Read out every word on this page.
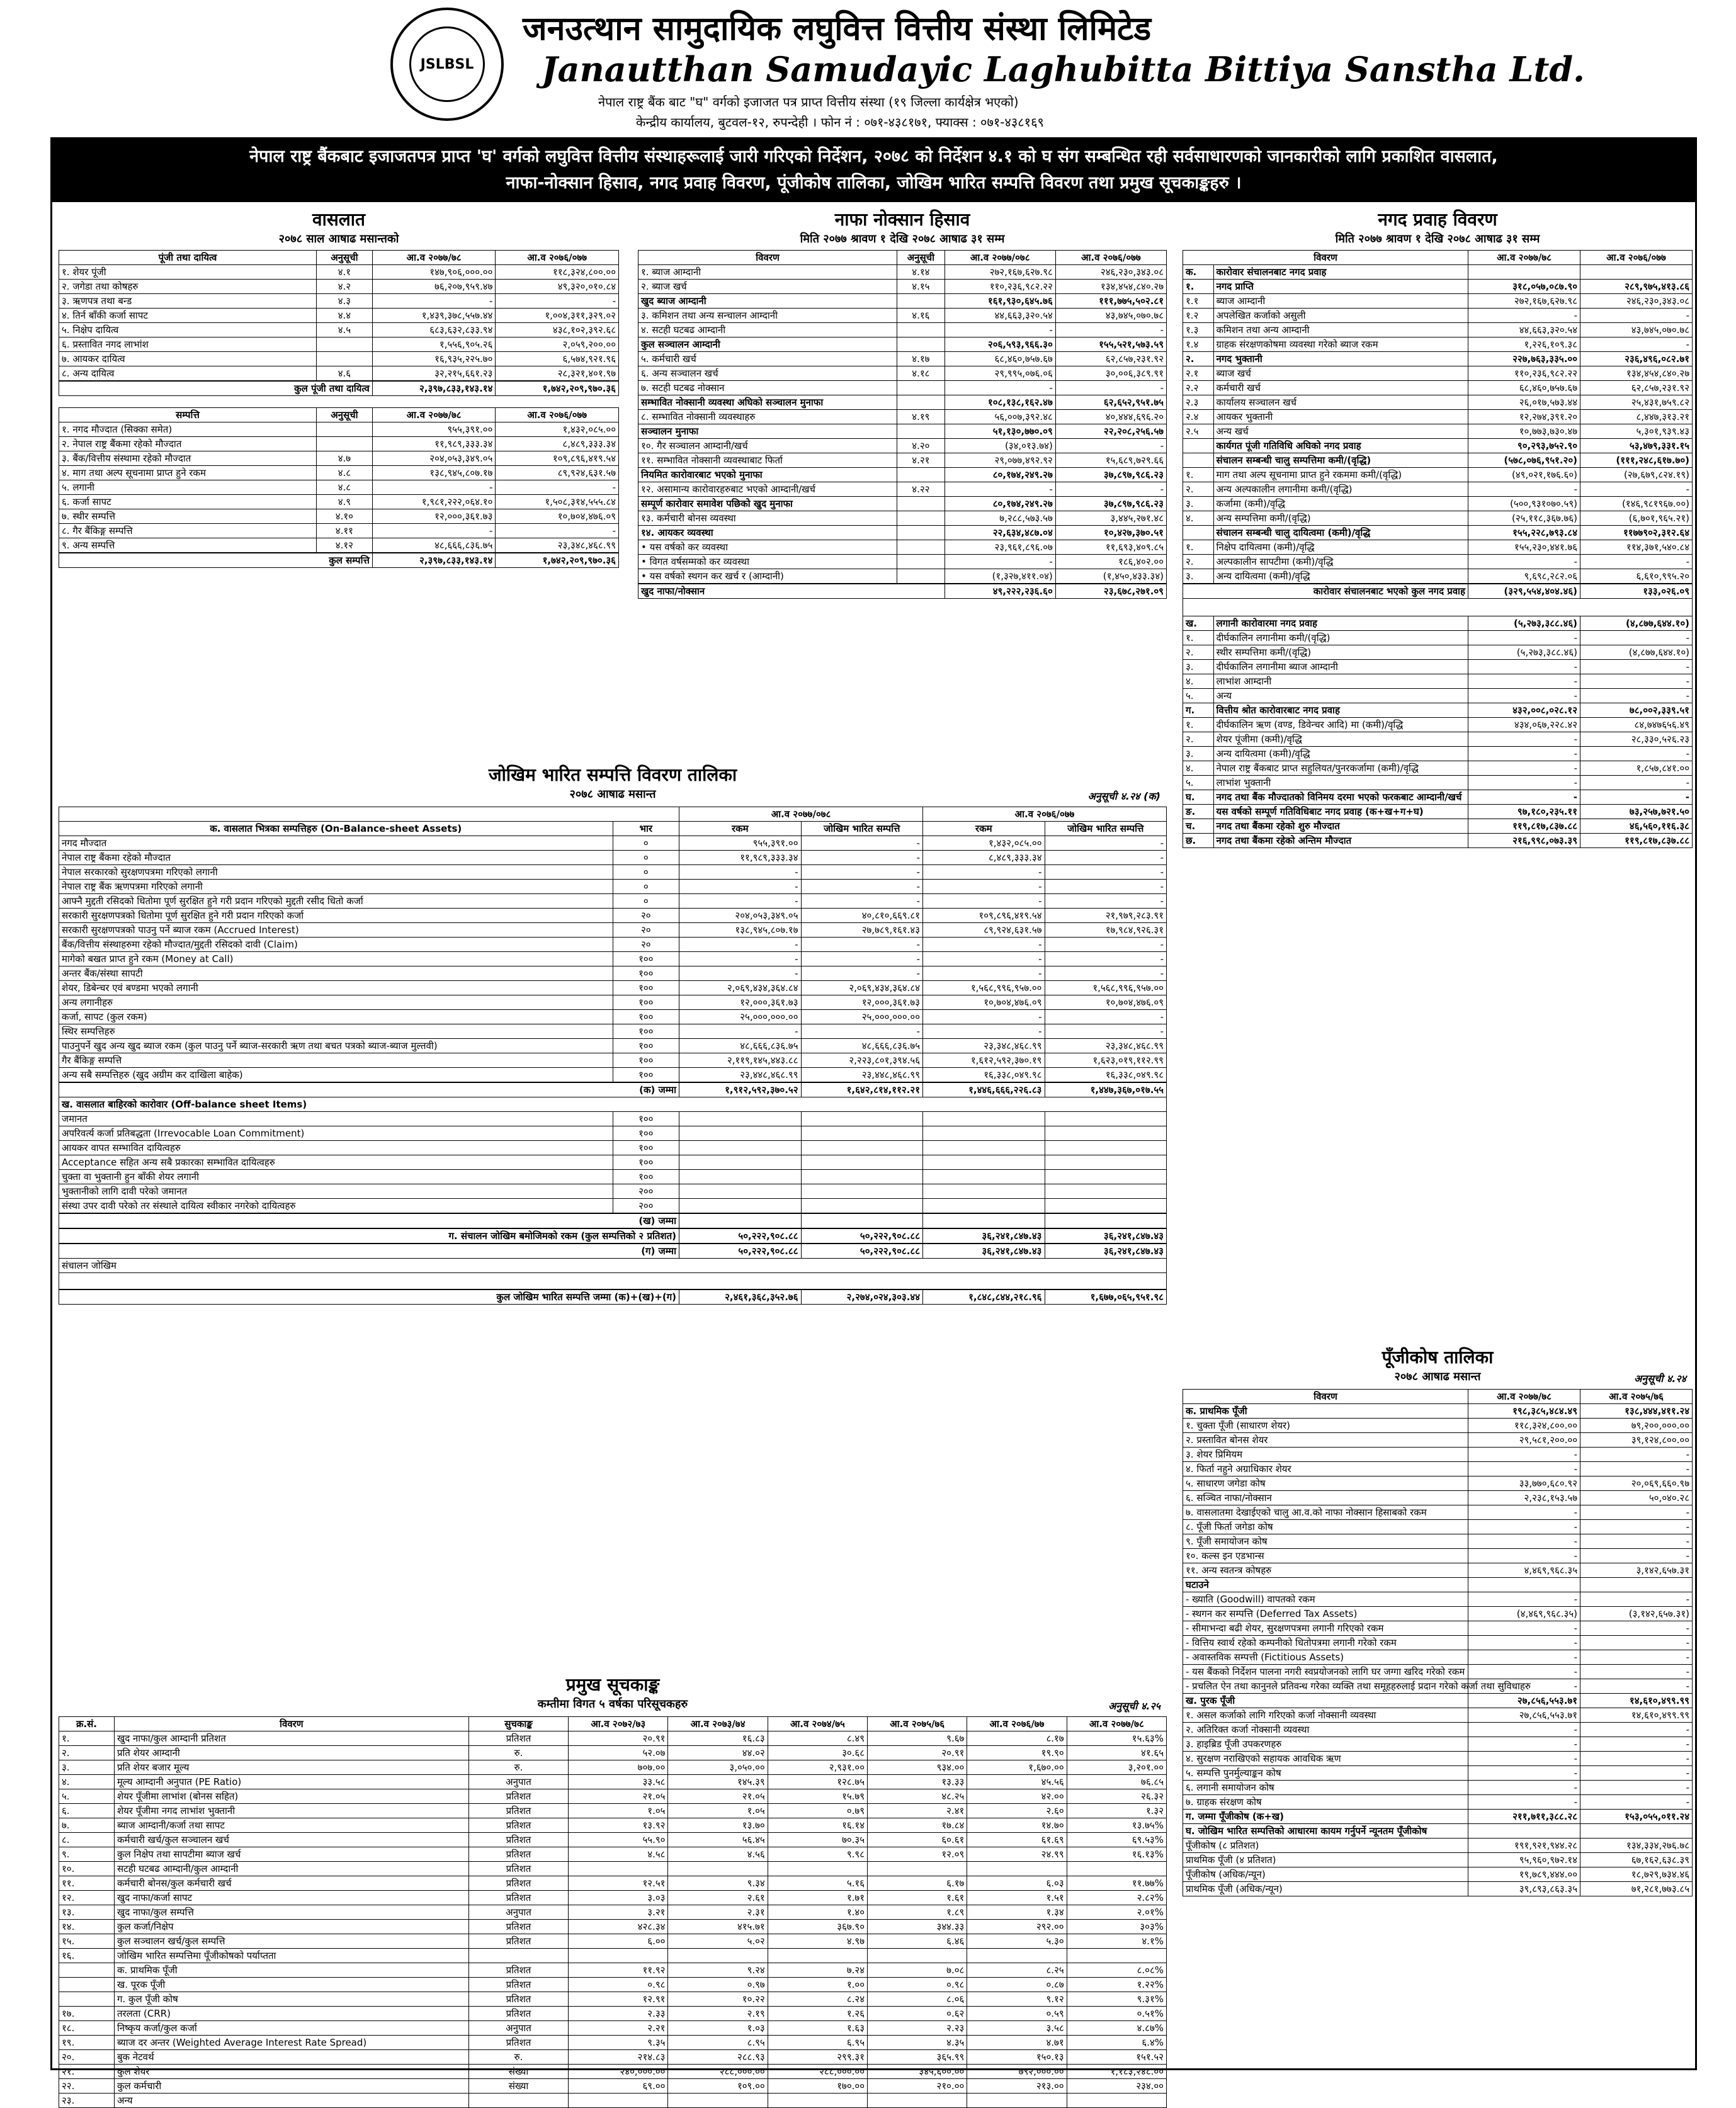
JSLBSL
जनउत्थान सामुदायिक लघुवित्त वित्तीय संस्था लिमिटेड
Janautthan Samudayic Laghubitta Bittiya Sanstha Ltd.
नेपाल राष्ट्र बैंक बाट "घ" वर्गको इजाजत पत्र प्राप्त वित्तीय संस्था (१९ जिल्ला कार्यक्षेत्र भएको)
केन्द्रीय कार्यालय, बुटवल-१२, रुपन्देही । फोन नं : ०७१-४३८१७१, फ्याक्स : ०७१-४३८१६९
नेपाल राष्ट्र बैंकबाट इजाजतपत्र प्राप्त 'घ' वर्गको लघुवित्त वित्तीय संस्थाहरूलाई जारी गरिएको निर्देशन, २०७८ को निर्देशन ४.१ को घ संग सम्बन्धित रही सर्वसाधारणको जानकारीको लागि प्रकाशित वासलात,
नाफा-नोक्सान हिसाव, नगद प्रवाह विवरण, पूंजीकोष तालिका, जोखिम भारित सम्पत्ति विवरण तथा प्रमुख सूचकाङ्कहरु ।
वासलात
२०७८ साल आषाढ मसान्तको
पूंजी तथा दायित्व	अनुसूची	आ.व २०७७/७८	आ.व २०७६/०७७
१. शेयर पूंजी	४.१	१४७,९०६,०००.००	११८,३२४,८००.००
२. जगेडा तथा कोषहरु	४.२	७६,२०७,९५९.४७	४९,३२०,०१०.८४
३. ऋणपत्र तथा बन्ड	४.३	-	-
४. तिर्न बाँकी कर्जा सापट	४.४	१,४३९,३७८,५५७.४४	१,००४,३११,३२९.०२
५. निक्षेप दायित्व	४.५	६८३,६३२,८३३.९४	४३८,१०२,३९२.६८
६. प्रस्तावित नगद लाभांश		१,५५६,९०५.२६	२,०५९,२००.००
७. आयकर दायित्व		१६,९३५,२२५.७०	६,५७४,९२१.९६
८. अन्य दायित्व	४.६	३२,२१५,६६१.२३	२८,३२१,४०१.९७
कुल पूंजी तथा दायित्व		२,३९७,८३३,१४३.१४	१,७४२,२०९,९७०.३६
सम्पत्ति	अनुसूची	आ.व २०७७/७८	आ.व २०७६/०७७
१. नगद मौज्दात (सिक्का समेत)		९५५,३९१.००	१,४३२,०८५.००
२. नेपाल राष्ट्र बैंकमा रहेको मौज्दात		११,९८९,३३३.३४	८,४८९,३३३.३४
३. बैंक/वित्तीय संस्थामा रहेको मौज्दात	४.७	२०४,०५३,३४९.०५	१०९,८९६,४१९.५४
४. माग तथा अल्प सूचनामा प्राप्त हुने रकम	४.८	१३८,९४५,८०७.१७	८९,९२४,६३१.५७
५. लगानी	४.८	-	-
६. कर्जा सापट	४.९	१,९८१,२२२,०६४.१०	१,५०८,३१४,५५५.८४
७. स्थीर सम्पत्ति	४.१०	१२,०००,३६१.७३	१०,७०४,४७६.०९
८. गैर बैंकिङ्ग सम्पत्ति	४.११	-	-
९. अन्य सम्पत्ति	४.१२	४८,६६६,८३६.७५	२३,३४८,४६८.९९
कुल सम्पत्ति		२,३९७,८३३,१४३.१४	१,७४२,२०९,९७०.३६
नाफा नोक्सान हिसाव
मिति २०७७ श्रावण १ देखि २०७८ आषाढ ३१ सम्म
विवरण	अनुसूची	आ.व २०७७/०७८	आ.व २०७६/०७७
१. ब्याज आम्दानी	४.१४	२७२,१६७,६२७.९८	२४६,२३०,३४३.०८
२. ब्याज खर्च	४.१५	११०,२३६,९८२.२२	१३४,४५४,८४०.२७
खुद ब्याज आम्दानी		१६१,९३०,६४५.७६	१११,७७५,५०२.८१
३. कमिशन तथा अन्य सन्चालन आम्दानी	४.१६	४४,६६३,३२०.५४	४३,७४५,०७०.७८
४. सटही घटबढ आम्दानी		-	-
कुल सञ्चालन आम्दानी		२०६,५९३,९६६.३०	१५५,५२१,५७३.५९
५. कर्मचारी खर्च	४.१७	६८,४६०,७५७.६७	६२,८५७,२३१.९२
६. अन्य सञ्चालन खर्च	४.१८	२९,९९५,०७६.०६	३०,००६,३८९.९१
७. सटही घटबढ नोक्सान		-	-
सम्भावित नोक्सानी व्यवस्था अघिको सञ्चालन मुनाफा		१०८,१३८,१६२.४७	६२,६५२,९५१.७५
८. सम्भावित नोक्सानी व्यवस्थाहरु	४.१९	५६,००७,३९२.४८	४०,४४४,६९६.२०
सञ्चालन मुनाफा		५१,१३०,७७०.०९	२२,२०८,२५६.५७
१०. गैर सञ्चालन आम्दानी/खर्च	४.२०	(३४,०१३.७४)	-
११. सम्भावित नोक्सानी व्यवस्थाबाट फिर्ता	४.२१	२९,०७७,४९२.९२	१५,६८९,७२९.६६
नियमित कारोवारबाट भएको मुनाफा		८०,१७४,२४९.२७	३७,८९७,९८६.२३
१२. असामान्य कारोवारहरुबाट भएको आम्दानी/खर्च	४.२२	-	-
सम्पूर्ण कारोवार समावेश पछिको खुद मुनाफा		८०,१७४,२४९.२७	३७,८९७,९८६.२३
१३. कर्मचारी बोनस व्यवस्था		७,२८८,५७३.५७	३,४४५,२७१.४८
१४. आयकर व्यवस्था		२२,६३४,४८७.०४	१०,४२७,३७०.५१
• यस वर्षको कर व्यवस्था		२३,९६१,८९६.०७	११,६९३,४०९.८५
• विगत वर्षसम्मको कर व्यवस्था		-	१८६,४०२.००
• यस वर्षको स्थगन कर खर्च र (आम्दानी)		(१,३२७,४११.०४)	(१,४५०,४३३.३४)
खुद नाफा/नोक्सान		४९,२२२,२३६.६०	२३,६७८,२७१.०९
नगद प्रवाह विवरण
मिति २०७७ श्रावण १ देखि २०७८ आषाढ ३१ सम्म
विवरण		आ.व २०७७/७८	आ.व २०७६/०७७
क.	कारोवार संचालनबाट नगद प्रवाह		
१.	नगद प्राप्ति	३१८,०५७,०८७.९०	२८९,९७५,४१३.८६
१.१	ब्याज आम्दानी	२७२,१६७,६२७.९८	२४६,२३०,३४३.०८
१.२	अपलेखित कर्जाको असुली	-	-
१.३	कमिशन तथा अन्य आम्दानी	४४,६६३,३२०.५४	४३,७४५,०७०.७८
१.४	ग्राहक संरक्षणकोषमा व्यवस्था गरेको ब्याज रकम	१,२२६,१०९.३८	-
२.	नगद भुक्तानी	२२७,७६३,३३५.००	२३६,४९६,०८२.७१
२.१	ब्याज खर्च	११०,२३६,९८२.२२	१३४,४५४,८४०.२७
२.२	कर्मचारी खर्च	६८,४६०,७५७.६७	६२,८५७,२३१.९२
२.३	कार्यालय सञ्चालन खर्च	२६,०१७,५७३.४४	२५,४३१,७५९.८२
२.४	आयकर भुक्तानी	१२,२७४,३९१.२०	८,४४७,३१३.२१
२.५	अन्य खर्च	१०,७७३,७३०.४७	५,३०१,९३९.४३
	कार्यगत पूंजी गतिविधि अघिको नगद प्रवाह	९०,२९३,७५२.९०	५३,४७९,३३१.१५
	संचालन सम्बन्धी चालु सम्पत्तिमा कमी/(वृद्धि)	(५७८,०७६,९५१.२०)	(१११,२४८,६१७.७०)
१.	माग तथा अल्प सूचनामा प्राप्त हुने रकममा कमी/(वृद्धि)	(४९,०२१,१७६.६०)	(२७,६७९,८२४.१९)
२.	अन्य अल्पकालीन लगानीमा कमी/(वृद्धि)	-	-
३.	कर्जामा (कमी)/वृद्धि	(५००,९३१०७०.५९)	(१४६,९८१९६७.००)
४.	अन्य सम्पत्तिमा कमी/(वृद्धि)	(२५,११८,३६७.७६)	(६,७०१,९६५.२१)
	संचालन सम्बन्धी चालु दायित्वमा (कमी)/वृद्धि	१५५,२२८,७९३.८४	११७७९०२,३१२.६४
१.	निक्षेप दायित्वमा (कमी)/वृद्धि	१५५,२३०,४४१.७६	११४,३७१,५४०.८४
२.	अल्पकालीन सापटीमा (कमी)/वृद्धि	-	-
३.	अन्य दायित्वमा (कमी)/वृद्धि	९,६९८,२८२.०६	६,६१०,९९५.२०
कारोवार संचालनबाट भएको कुल नगद प्रवाह		(३२९,५५४,४०४.४६)	१३३,०२६.०९

ख.	लगानी कारोवारमा नगद प्रवाह	(५,२७३,३८८.४६)	(४,८७७,६४४.१०)
१.	दीर्घकालिन लगानीमा कमी/(वृद्धि)	-	-
२.	स्थीर सम्पत्तिमा कमी/(वृद्धि)	(५,२७३,३८८.४६)	(४,८७७,६४४.१०)
३.	दीर्घकालिन लगानीमा ब्याज आम्दानी	-	-
४.	लाभांश आम्दानी	-	-
५.	अन्य	-	-
ग.	वित्तीय श्रोत कारोवारबाट नगद प्रवाह	४३२,००८,०२८.१२	७८,००२,३३९.५१
१.	दीर्घकालिन ऋण (वण्ड, डिवेन्चर आदि) मा (कमी)/वृद्धि	४३४,०६७,२२८.४२	८४,७४७६५६.४९
२.	शेयर पूंजीमा (कमी)/वृद्धि	-	२८,३३०,५२६.२३
३.	अन्य दायित्वमा (कमी)/वृद्धि	-	-
४.	नेपाल राष्ट्र बैंकबाट प्राप्त सहुलियत/पुनरकर्जामा (कमी)/वृद्धि	-	१,८५७,८४१.००
५.	लाभांश भुक्तानी	-	-
घ.	नगद तथा बैंक मौज्दातको विनिमय दरमा भएको फरकबाट आम्दानी/खर्च	-	-
ङ.	यस वर्षको सम्पूर्ण गतिविधिबाट नगद प्रवाह (क+ख+ग+घ)	९७,१८०,२३५.११	७३,२५७,७२१.५०
च.	नगद तथा बैंकमा रहेको शुरु मौज्दात	११९,८१७,८३७.८८	४६,५६०,११६.३८
छ.	नगद तथा बैंकमा रहेको अन्तिम मौज्दात	२१६,९९८,०७३.३९	११९,८१७,८३७.८८
जोखिम भारित सम्पत्ति विवरण तालिका
२०७८ आषाढ मसान्त	अनुसूची ४.२४ (क)
		आ.व २०७७/०७८		आ.व २०७६/०७७	
क. वासलात भित्रका सम्पत्तिहरु (On-Balance-sheet Assets)	भार	रकम	जोखिम भारित सम्पत्ति	रकम	जोखिम भारित सम्पत्ति
नगद मौज्दात	०	९५५,३९१.००	-	१,४३२,०८५.००	-
नेपाल राष्ट्र बैंकमा रहेको मौज्दात	०	११,९८९,३३३.३४	-	८,४८९,३३३.३४	-
नेपाल सरकारको सुरक्षणपत्रमा गरिएको लगानी	०	-	-	-	-
नेपाल राष्ट्र बैंक ऋणपत्रमा गरिएको लगानी	०	-	-	-	-
आफ्नै मुद्दती रसिदको धितोमा पूर्ण सुरक्षित हुने गरी प्रदान गरिएको मुद्दती रसीद धितो कर्जा	०	-	-	-	-
सरकारी सुरक्षणपत्रको धितोमा पूर्ण सुरक्षित हुने गरी प्रदान गरिएको कर्जा	२०	२०४,०५३,३४९.०५	४०,८१०,६६९.८१	१०९,८९६,४१९.५४	२१,९७९,२८३.९१
सरकारी सुरक्षणपत्रको पाउनु पर्ने ब्याज रकम (Accrued Interest)	२०	१३८,९४५,८०७.१७	२७,७८९,१६१.४३	८९,९२४,६३१.५७	१७,९८४,९२६.३१
बैंक/वित्तीय संस्थाहरुमा रहेको मौज्दात/मुद्दती रसिदको दावी (Claim)	२०	-	-	-	-
मागेको बखत प्राप्त हुने रकम (Money at Call)	१००	-	-	-	-
अन्तर बैंक/संस्था सापटी	१००	-	-	-	-
शेयर, डिबेन्चर एवं बण्डमा भएको लगानी	१००	२,०६९,४३४,३६४.८४	२,०६९,४३४,३६४.८४	१,५६८,९९६,९५७.००	१,५६८,९९६,९५७.००
अन्य लगानीहरु	१००	१२,०००,३६१.७३	१२,०००,३६१.७३	१०,७०४,४७६.०९	१०,७०४,४७६.०९
कर्जा, सापट (कुल रकम)	१००	२५,०००,०००.००	२५,०००,०००.००	-	-
स्थिर सम्पत्तिहरु	१००	-	-	-	-
पाउनुपर्ने खुद अन्य खुद ब्याज रकम (कुल पाउनु पर्ने ब्याज-सरकारी ऋण तथा बचत पत्रको ब्याज-ब्याज मुल्तवी)	१००	४८,६६६,८३६.७५	४८,६६६,८३६.७५	२३,३४८,४६८.९९	२३,३४८,४६८.९९
गैर बैंकिङ्ग सम्पत्ति	१००	२,११९,१४५,४४३.८८	२,२२३,८०१,३९४.५६	१,६१२,५९२,३७०.१९	१,६२३,०१९,११२.९९
अन्य सबै सम्पत्तिहरु (खुद अग्रीम कर दाखिला बाहेक)	१००	२३,४४८,४६८.९९	२३,४४८,४६८.९९	१६,३३८,०४९.९८	१६,३३८,०४९.९८
(क) जम्मा		१,९१२,५९२,३७०.५२	१,६४२,८१४,११२.२१	१,४४६,६६६,२२६.८३	१,४४७,३६७,०१७.५५
ख. वासलात बाहिरको कारोवार (Off-balance sheet Items)					
जमानत	१००				
अपरिवर्त्य कर्जा प्रतिबद्धता (Irrevocable Loan Commitment)	१००				
आयकर वापत सम्भावित दायित्वहरु	१००				
Acceptance सहित अन्य सबै प्रकारका सम्भावित दायित्वहरु	१००				
चुक्ता वा भुक्तानी हुन बाँकी शेयर लगानी	१००				
भुक्तानीको लागि दावी परेको जमानत	२००				
संस्था उपर दावी परेको तर संस्थाले दायित्व स्वीकार नगरेको दायित्वहरु	२००				
(ख) जम्मा					
ग. संचालन जोखिम बमोजिमको रकम (कुल सम्पत्तिको २ प्रतिशत)		५०,२२२,९०८.८८	५०,२२२,९०८.८८	३६,२४१,८४७.४३	३६,२४१,८४७.४३
(ग) जम्मा		५०,२२२,९०८.८८	५०,२२२,९०८.८८	३६,२४१,८४७.४३	३६,२४१,८४७.४३
संचालन जोखिम					

कुल जोखिम भारित सम्पत्ति जम्मा (क)+(ख)+(ग)		२,४६१,३६८,३५२.७६	२,२७४,०२४,३०३.४४	१,८४८,८४४,२१८.९६	१,६७७,०६५,९५१.९८
प्रमुख सूचकाङ्क
कम्तीमा विगत ५ वर्षका परिसूचकहरु	अनुसूची ४.२५
क्र.सं.	विवरण	सुचकाङ्क	आ.व २०७२/७३	आ.व २०७३/७४	आ.व २०७४/७५	आ.व २०७५/७६	आ.व २०७६/७७	आ.व २०७७/७८
१.	खुद नाफा/कुल आम्दानी प्रतिशत	प्रतिशत	२०.९१	१६.८३	८.४९	९.६७	८.१७	१५.६३%
२.	प्रति शेयर आम्दानी	रु.	५२.०७	४४.०२	३०.६८	२०.९१	१९.९०	४१.६५
३.	प्रति शेयर बजार मूल्य	रु.	७०७.००	३,०५०.००	२,९३१.००	९३४.००	१,६७०.००	३,२०१.००
४.	मूल्य आम्दानी अनुपात (PE Ratio)	अनुपात	३३.५८	१४५.३९	१२८.७५	१३.३३	४५.५६	७६.८५
५.	शेयर पूँजीमा लाभांश (बोनस सहित)	प्रतिशत	२१.०५	२१.०५	१५.७९	४८.२५	४२.००	२६.३२
६.	शेयर पूँजीमा नगद लाभांश भुक्तानी	प्रतिशत	१.०५	१.०५	०.७९	२.४१	२.६०	१.३२
७.	ब्याज आम्दानी/कर्जा तथा सापट	प्रतिशत	१३.९२	१३.७०	१६.१४	१७.८४	१४.७०	१३.७५%
८.	कर्मचारी खर्च/कुल सञ्चालन खर्च	प्रतिशत	५५.९०	५६.४५	७०.३५	६०.६१	६१.६९	६९.५३%
९.	कुल निक्षेप तथा सापटीमा ब्याज खर्च	प्रतिशत	४.५८	४.५६	९.९८	१२.०९	२४.९९	१६.१३%
१०.	सटही घटबढ आम्दानी/कुल आम्दानी	प्रतिशत						
११.	कर्मचारी बोनस/कुल कर्मचारी खर्च	प्रतिशत	१२.५१	९.३४	५.१६	६.१७	६.०३	११.७७%
१२.	खुद नाफा/कर्जा सापट	प्रतिशत	३.०३	२.६१	१.७१	१.६१	१.५१	२.८२%
१३.	खुद नाफा/कुल सम्पत्ति	अनुपात	३.२१	२.३१	१.४०	१.८९	१.३४	२.०१%
१४.	कुल कर्जा/निक्षेप	प्रतिशत	४२८.३४	४१५.७१	३६७.९०	३४४.३३	२९२.००	३०३%
१५.	कुल सञ्चालन खर्च/कुल सम्पत्ति	प्रतिशत	६.००	५.०२	४.९७	६.४६	५.३०	४.१%
१६.	जोखिम भारित सम्पत्तिमा पूँजीकोषको पर्याप्तता							
	क. प्राथमिक पूँजी	प्रतिशत	११.९२	९.२४	७.२४	७.०८	८.२५	८.०८%
	ख. पूरक पूँजी	प्रतिशत	०.९८	०.९७	१.००	०.९८	०.८७	१.२२%
	ग. कुल पूँजी कोष	प्रतिशत	१२.९१	१०.२२	८.२४	८.०६	९.१२	९.३१%
१७.	तरलता (CRR)	प्रतिशत	२.३३	२.१९	१.२६	०.६२	०.५९	०.५१%
१८.	निष्कृय कर्जा/कुल कर्जा	अनुपात	२.२१	१.०३	१.६३	२.२३	३.५८	४.८७%
१९.	ब्याज दर अन्तर (Weighted Average Interest Rate Spread)	प्रतिशत	९.३५	८.९५	६.९५	४.३५	४.७१	६.४%
२०.	बुक नेटवर्थ	रु.	२१४.८३	२८८.९३	२९९.३१	३६५.९९	१५०.१३	१५१.५२
२१.	कुल शेयर	संख्या	२४०,०००.००	२८८,०००.००	२८८,०००.००	३४५,६००.००	७९२,०००.००	१,१८३,२४८.००
२२.	कुल कर्मचारी	संख्या	६९.००	१०९.००	१७०.००	२१०.००	२१३.००	२३४.००
२३.	अन्य							
पूँजीकोष तालिका
२०७८ आषाढ मसान्त	अनुसूची ४.२४
विवरण	आ.व २०७७/७८	आ.व २०७५/७६
क. प्राथमिक पूँजी	१९८,३८५,४८४.४९	१३८,४४४,४११.२४
१. चुक्ता पूँजी (साधारण शेयर)	११८,३२४,८००.००	७९,२००,०००.००
२. प्रस्तावित बोनस शेयर	२९,५८१,२००.००	३९,१२४,८००.००
३. शेयर प्रिमियम	-	-
४. फिर्ता नहुने अग्राधिकार शेयर	-	-
५. साधारण जगेडा कोष	३३,७७०,६८०.९२	२०,०६९,६६०.९७
६. सञ्चित नाफा/नोक्सान	२,२३८,१५३.५७	५०,०४०.२८
७. वासलातमा देखाईएको चालु आ.व.को नाफा नोक्सान हिसाबको रकम	-	-
८. पूँजी फिर्ता जगेडा कोष	-	-
९. पूँजी समायोजन कोष	-	-
१०. कल्स इन एडभान्स	-	-
११. अन्य स्वतन्त्र कोषहरु	४,४६९,९६८.३५	३,१४२,६५७.३१
घटाउने		
- ख्याति (Goodwill) वापतको रकम	-	-
- स्थगन कर सम्पत्ति (Deferred Tax Assets)	(४,४६९,९६८.३५)	(३,१४२,६५७.३१)
- सीमाभन्दा बढी शेयर, सुरक्षणपत्रमा लगानी गरिएको रकम	-	-
- वित्तिय स्वार्थ रहेको कम्पनीको धितोपत्रमा लगानी गरेको रकम	-	-
- अवास्तविक सम्पत्ती (Fictitious Assets)	-	-
- यस बैंकको निर्देशन पालना नगरी स्वप्रयोजनको लागि घर जग्गा खरिद गरेको रकम	-	-
- प्रचलित ऐन तथा कानुनले प्रतिवन्ध गरेका व्यक्ति तथा समूहहरुलाई प्रदान गरेको कर्जा तथा सुविधाहरु	-	-
ख. पुरक पूँजी	२७,८५६,५५३.७१	१४,६१०,४९९.९९
१. असल कर्जाको लागि गरिएको कर्जा नोक्सानी व्यवस्था	२७,८५६,५५३.७१	१४,६१०,४९९.९९
२. अतिरिक्त कर्जा नोक्सानी व्यवस्था	-	-
३. हाइब्रिड पूँजी उपकरणहरु	-	-
४. सुरक्षण नराखिएको सहायक आवधिक ऋण	-	-
५. सम्पत्ति पुनर्मुल्याङ्कन कोष	-	-
६. लगानी समायोजन कोष	-	-
७. ग्राहक संरक्षण कोष	-	-
ग. जम्मा पूँजीकोष (क+ख)	२११,७११,३८८.२८	१५३,०५५,०११.२४
घ. जोखिम भारित सम्पत्तिको आधारमा कायम गर्नुपर्ने न्यूनतम पूँजीकोष		
पूँजीकोष (८ प्रतिशत)	१९१,९२१,९४४.२८	१३४,३३४,२७६.७८
प्राथमिक पूँजी (४ प्रतिशत)	९५,९६०,९७२.१४	६७,१६२,६३८.३९
पूँजीकोष (अधिक/न्यून)	१९,७८९,४४४.००	१८,७२९,७३४.४६
प्राथमिक पूँजी (अधिक/न्यून)	३९,८९३,८६३.३५	७१,२८१,७७३.८५
